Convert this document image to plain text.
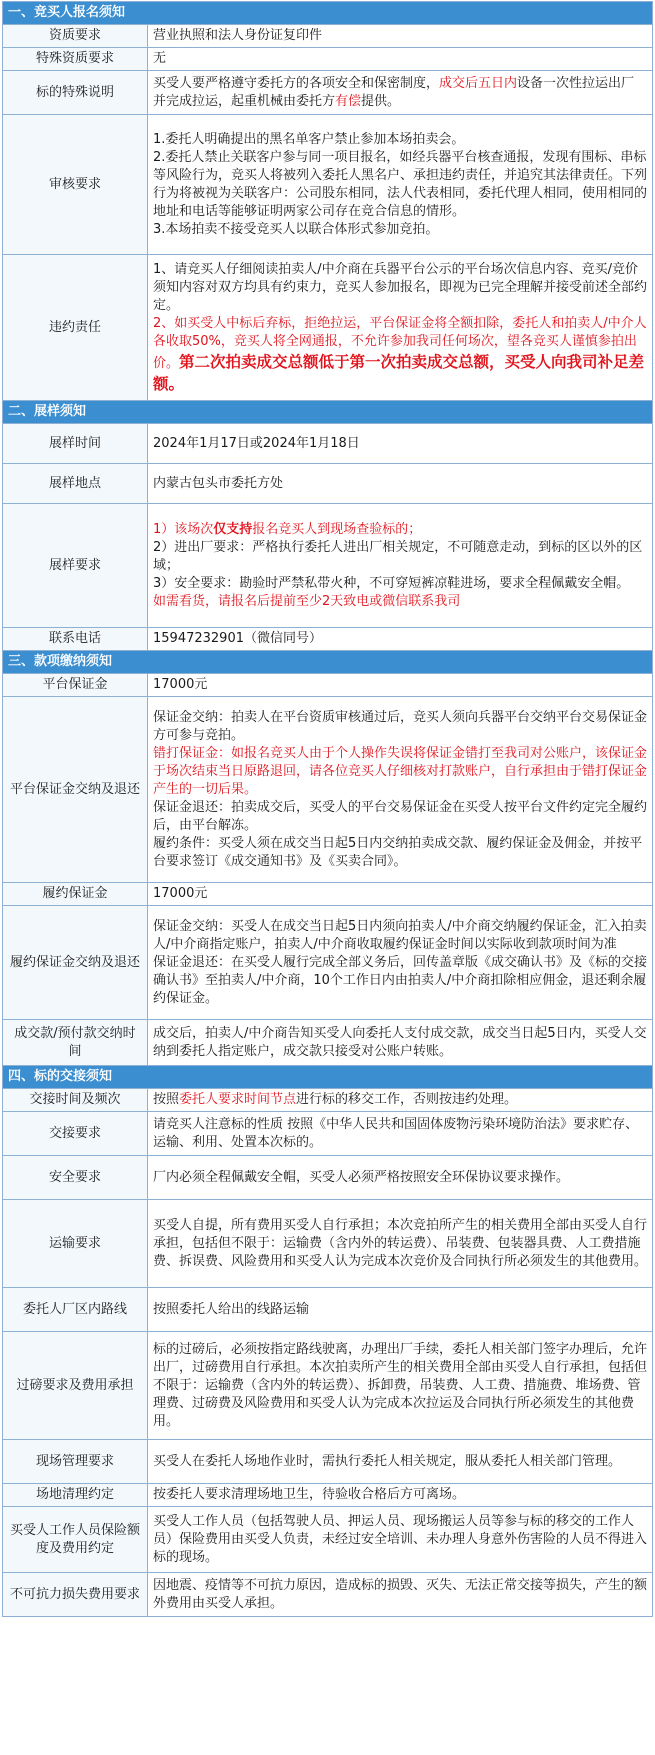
一、竞买人报名须知	
资质要求	营业执照和法人身份证复印件
特殊资质要求	无
标的特殊说明	买受人要严格遵守委托方的各项安全和保密制度，成交后五日内设备一次性拉运出厂并完成拉运，起重机械由委托方有偿提供。
审核要求	1.委托人明确提出的黑名单客户禁止参加本场拍卖会。
2.委托人禁止关联客户参与同一项目报名，如经兵器平台核查通报，发现有围标、串标等风险行为，竞买人将被列入委托人黑名户、承担违约责任，并追究其法律责任。下列行为将被视为关联客户：公司股东相同，法人代表相同，委托代理人相同，使用相同的地址和电话等能够证明两家公司存在竞合信息的情形。
3.本场拍卖不接受竞买人以联合体形式参加竞拍。

违约责任	1、请竞买人仔细阅读拍卖人/中介商在兵器平台公示的平台场次信息内容、竞买/竞价须知内容对双方均具有约束力，竞买人参加报名，即视为已完全理解并接受前述全部约定。
2、如买受人中标后弃标，拒绝拉运，平台保证金将全额扣除，委托人和拍卖人/中介人各收取50%，竞买人将全网通报，不允许参加我司任何场次，望各竞买人谨慎参拍出价。第二次拍卖成交总额低于第一次拍卖成交总额，买受人向我司补足差额。

二、展样须知	
展样时间	2024年1月17日或2024年1月18日
展样地点	内蒙古包头市委托方处
展样要求	1）该场次仅支持报名竞买人到现场查验标的；
2）进出厂要求：严格执行委托人进出厂相关规定，不可随意走动，到标的区以外的区域；
3）安全要求：勘验时严禁私带火种，不可穿短裤凉鞋进场，要求全程佩戴安全帽。
如需看货，请报名后提前至少2天致电或微信联系我司

联系电话	15947232901（微信同号）
三、款项缴纳须知	
平台保证金	17000元
平台保证金交纳及退还	保证金交纳：拍卖人在平台资质审核通过后，竞买人须向兵器平台交纳平台交易保证金方可参与竞拍。
错打保证金：如报名竞买人由于个人操作失误将保证金错打至我司对公账户，该保证金于场次结束当日原路退回，请各位竞买人仔细核对打款账户，自行承担由于错打保证金产生的一切后果。
保证金退还：拍卖成交后，买受人的平台交易保证金在买受人按平台文件约定完全履约后，由平台解冻。
履约条件：买受人须在成交当日起5日内交纳拍卖成交款、履约保证金及佣金，并按平台要求签订《成交通知书》及《买卖合同》。

履约保证金	17000元
履约保证金交纳及退还	保证金交纳：买受人在成交当日起5日内须向拍卖人/中介商交纳履约保证金，汇入拍卖人/中介商指定账户，拍卖人/中介商收取履约保证金时间以实际收到款项时间为准
保证金退还：在买受人履行完成全部义务后，回传盖章版《成交确认书》及《标的交接确认书》至拍卖人/中介商，10个工作日内由拍卖人/中介商扣除相应佣金，退还剩余履约保证金。

成交款/预付款交纳时间	成交后，拍卖人/中介商告知买受人向委托人支付成交款，成交当日起5日内，买受人交纳到委托人指定账户，成交款只接受对公账户转账。
四、标的交接须知	
交接时间及频次	按照委托人要求时间节点进行标的移交工作，否则按违约处理。
交接要求	请竞买人注意标的性质 按照《中华人民共和国固体废物污染环境防治法》要求贮存、运输、利用、处置本次标的。
安全要求	厂内必须全程佩戴安全帽，买受人必须严格按照安全环保协议要求操作。
运输要求	买受人自提，所有费用买受人自行承担；本次竞拍所产生的相关费用全部由买受人自行承担，包括但不限于：运输费（含内外的转运费）、吊装费、包装器具费、人工费措施费、拆误费、风险费用和买受人认为完成本次竞价及合同执行所必须发生的其他费用。
委托人厂区内路线	按照委托人给出的线路运输
过磅要求及费用承担	标的过磅后，必须按指定路线驶离，办理出厂手续，委托人相关部门签字办理后，允许出厂，过磅费用自行承担。本次拍卖所产生的相关费用全部由买受人自行承担，包括但不限于：运输费（含内外的转运费）、拆卸费，吊装费、人工费、措施费、堆场费、管理费、过磅费及风险费用和买受人认为完成本次拉运及合同执行所必须发生的其他费用。
现场管理要求	买受人在委托人场地作业时，需执行委托人相关规定，服从委托人相关部门管理。
场地清理约定	按委托人要求清理场地卫生，待验收合格后方可离场。
买受人工作人员保险额度及费用约定	买受人工作人员（包括驾驶人员、押运人员、现场搬运人员等参与标的移交的工作人员）保险费用由买受人负责，未经过安全培训、未办理人身意外伤害险的人员不得进入标的现场。
不可抗力损失费用要求	因地震、疫情等不可抗力原因，造成标的损毁、灭失、无法正常交接等损失，产生的额外费用由买受人承担。
